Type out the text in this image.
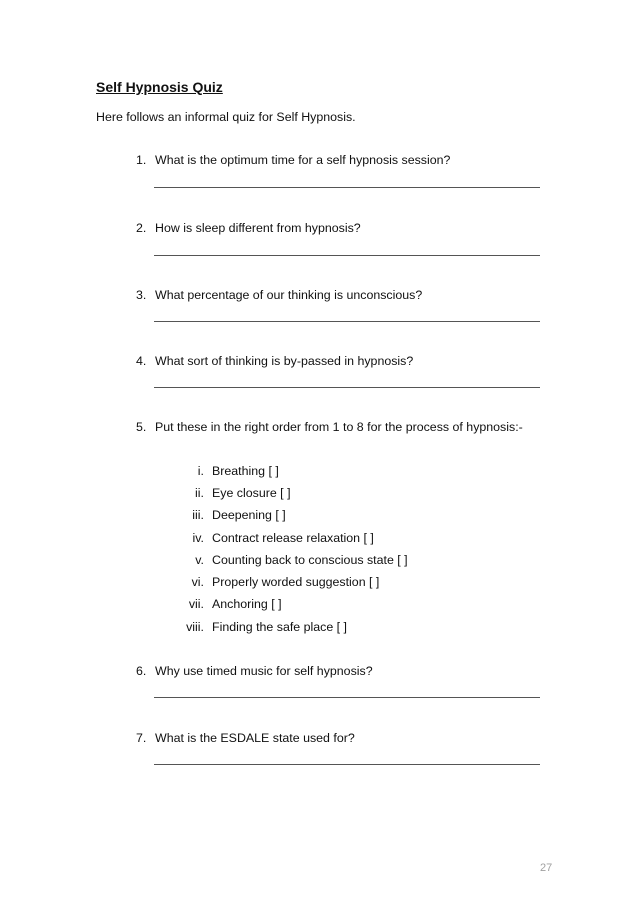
Self Hypnosis Quiz
Here follows an informal quiz for Self Hypnosis.
1. What is the optimum time for a self hypnosis session?
2. How is sleep different from hypnosis?
3. What percentage of our thinking is unconscious?
4. What sort of thinking is by-passed in hypnosis?
5. Put these in the right order from 1 to 8 for the process of hypnosis:-
i. Breathing [ ]
ii. Eye closure [ ]
iii. Deepening [ ]
iv. Contract release relaxation [ ]
v. Counting back to conscious state [ ]
vi. Properly worded suggestion [ ]
vii. Anchoring [ ]
viii. Finding the safe place [ ]
6. Why use timed music for self hypnosis?
7. What is the ESDALE state used for?
27
